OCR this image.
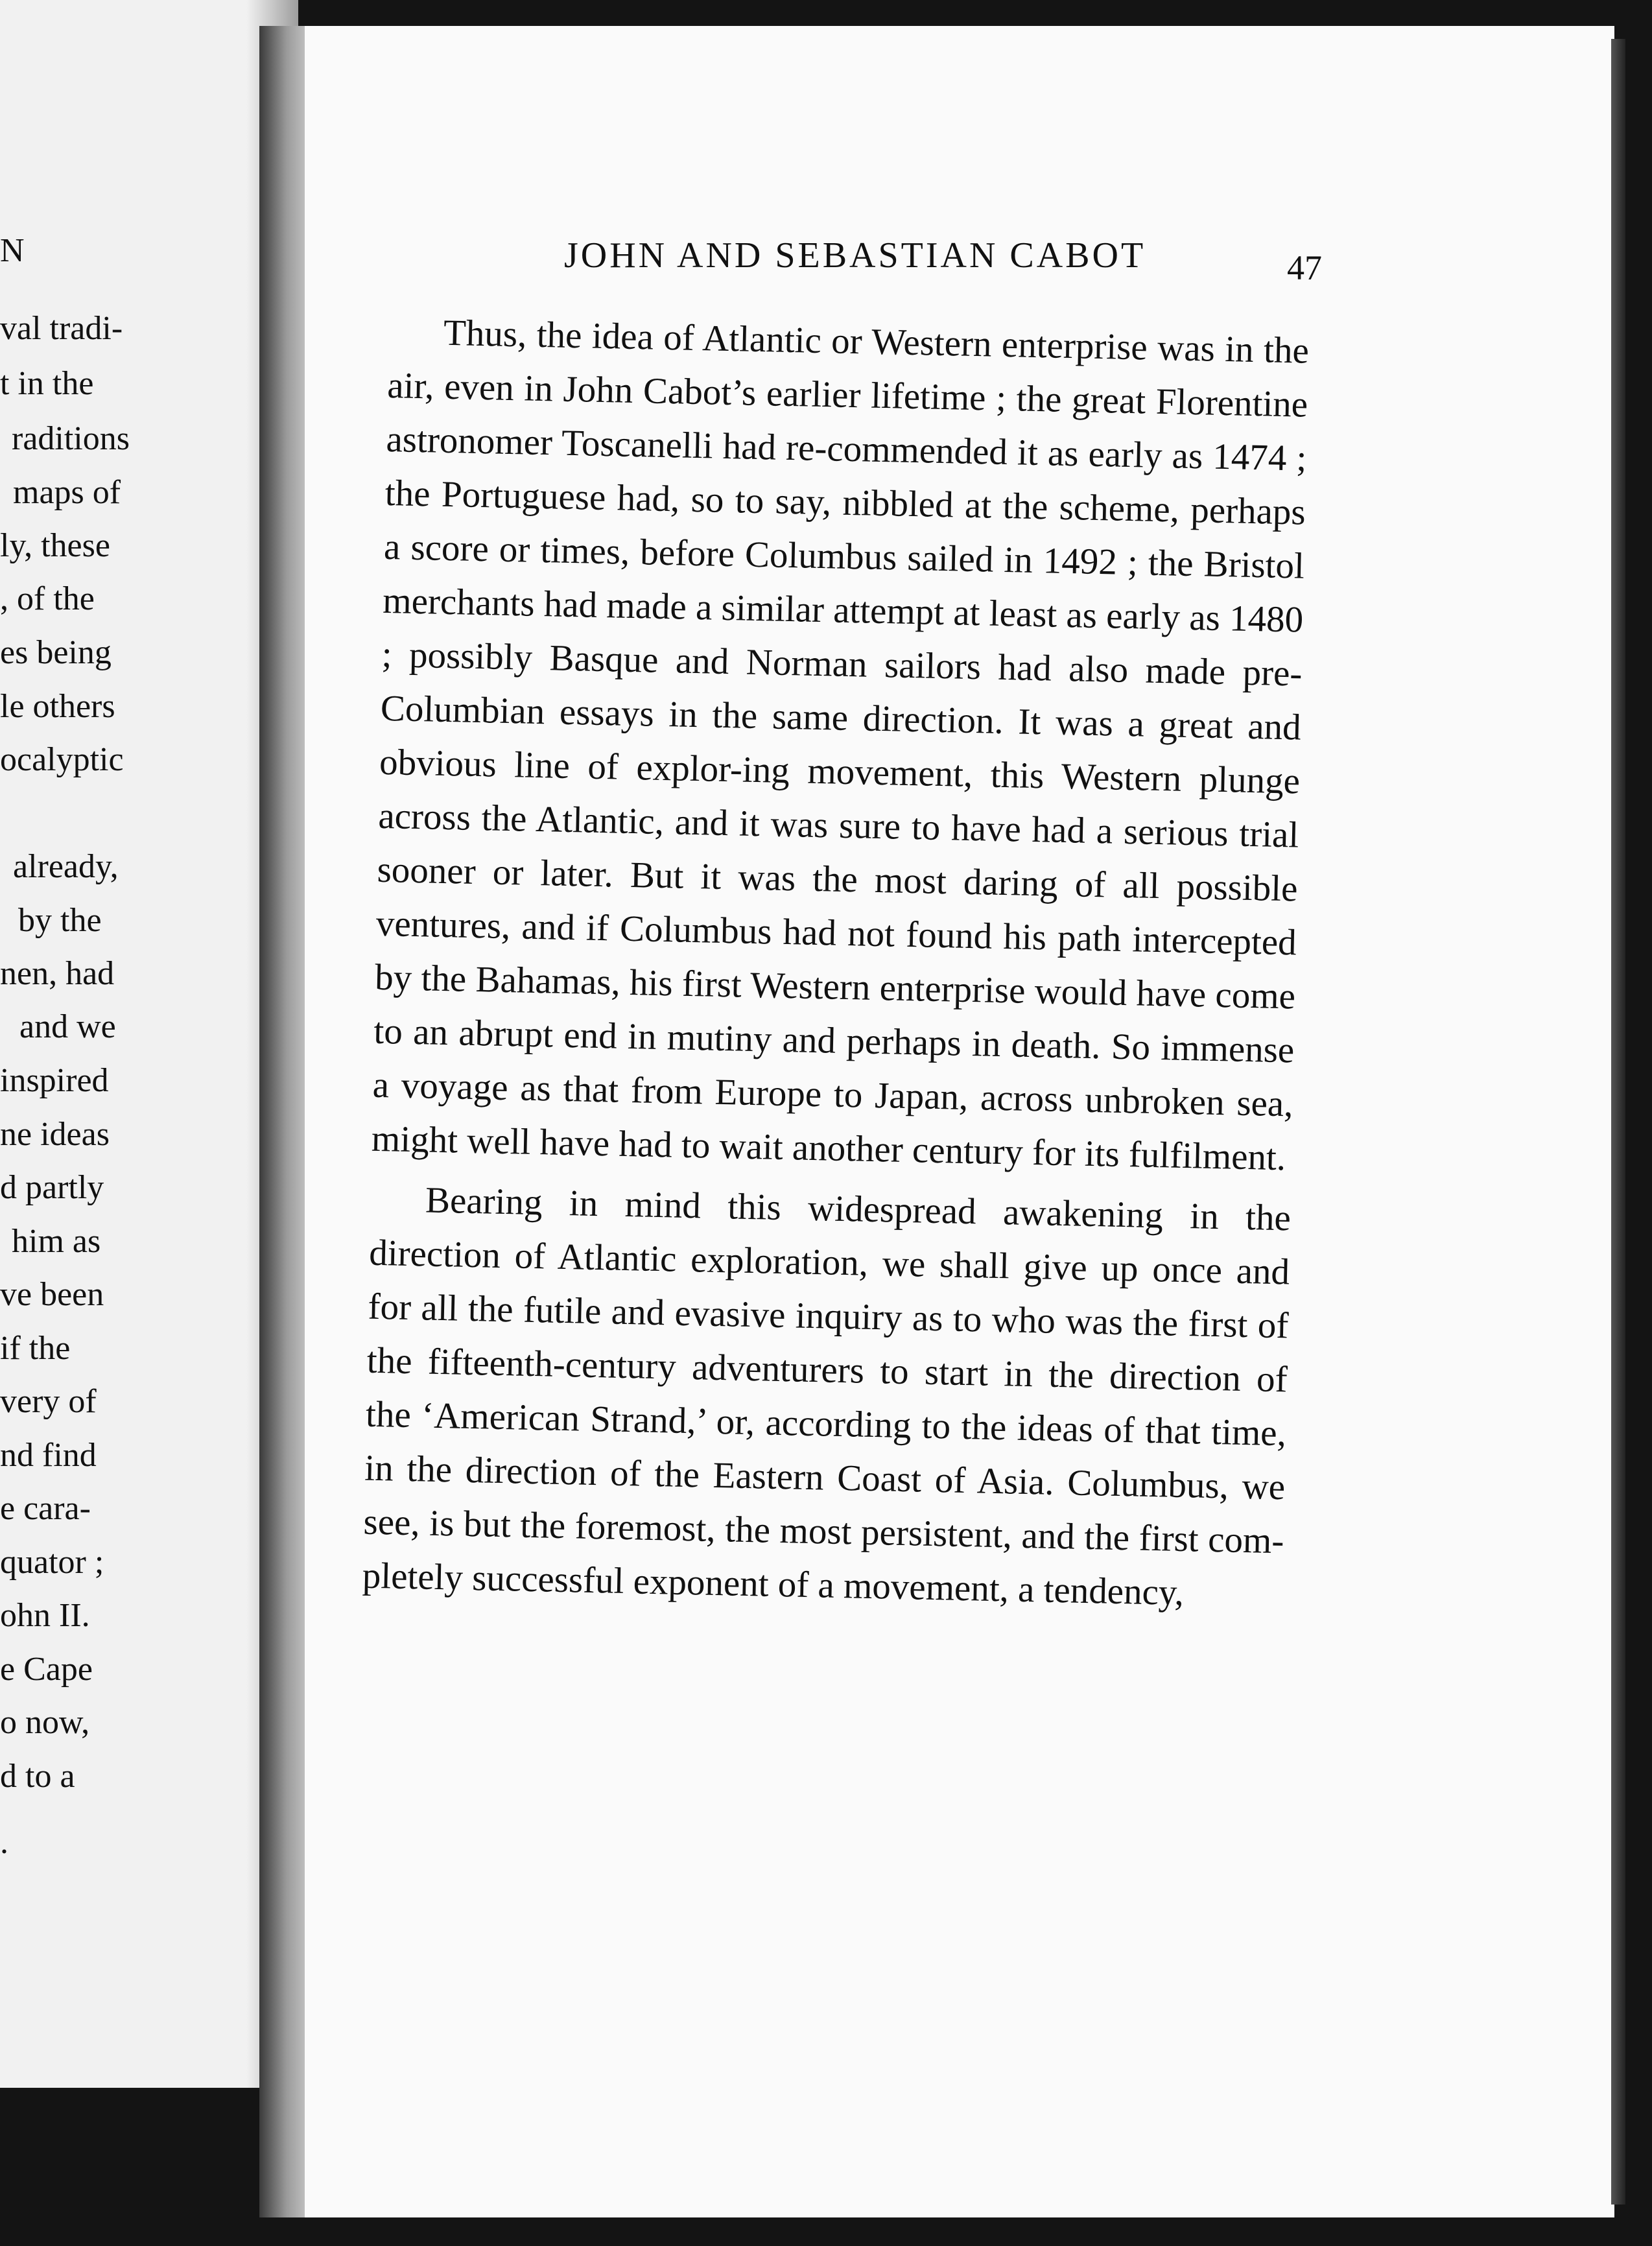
N
val tradi-
t in the
raditions
maps of
ly, these
, of the
es being
le others
ocalyptic
already,
by the
nen, had
and we
inspired
ne ideas
d partly
him as
ve been
if the
very of
nd find
e cara-
quator ;
ohn II.
e Cape
o now,
d to a
.
JOHN AND SEBASTIAN CABOT	47

Thus, the idea of Atlantic or Western enterprise was in the air, even in John Cabot’s earlier lifetime ; the great Florentine astronomer Toscanelli had re-commended it as early as 1474 ; the Portuguese had, so to say, nibbled at the scheme, perhaps a score or times, before Columbus sailed in 1492 ; the Bristol merchants had made a similar attempt at least as early as 1480 ; possibly Basque and Norman sailors had also made pre-Columbian essays in the same direction. It was a great and obvious line of explor-ing movement, this Western plunge across the Atlantic, and it was sure to have had a serious trial sooner or later. But it was the most daring of all possible ventures, and if Columbus had not found his path intercepted by the Bahamas, his first Western enterprise would have come to an abrupt end in mutiny and perhaps in death. So immense a voyage as that from Europe to Japan, across unbroken sea, might well have had to wait another century for its fulfilment.

Bearing in mind this widespread awakening in the direction of Atlantic exploration, we shall give up once and for all the futile and evasive inquiry as to who was the first of the fifteenth-century adventurers to start in the direction of the ‘American Strand,’ or, according to the ideas of that time, in the direction of the Eastern Coast of Asia. Columbus, we see, is but the foremost, the most persistent, and the first com-pletely successful exponent of a movement, a tendency,
